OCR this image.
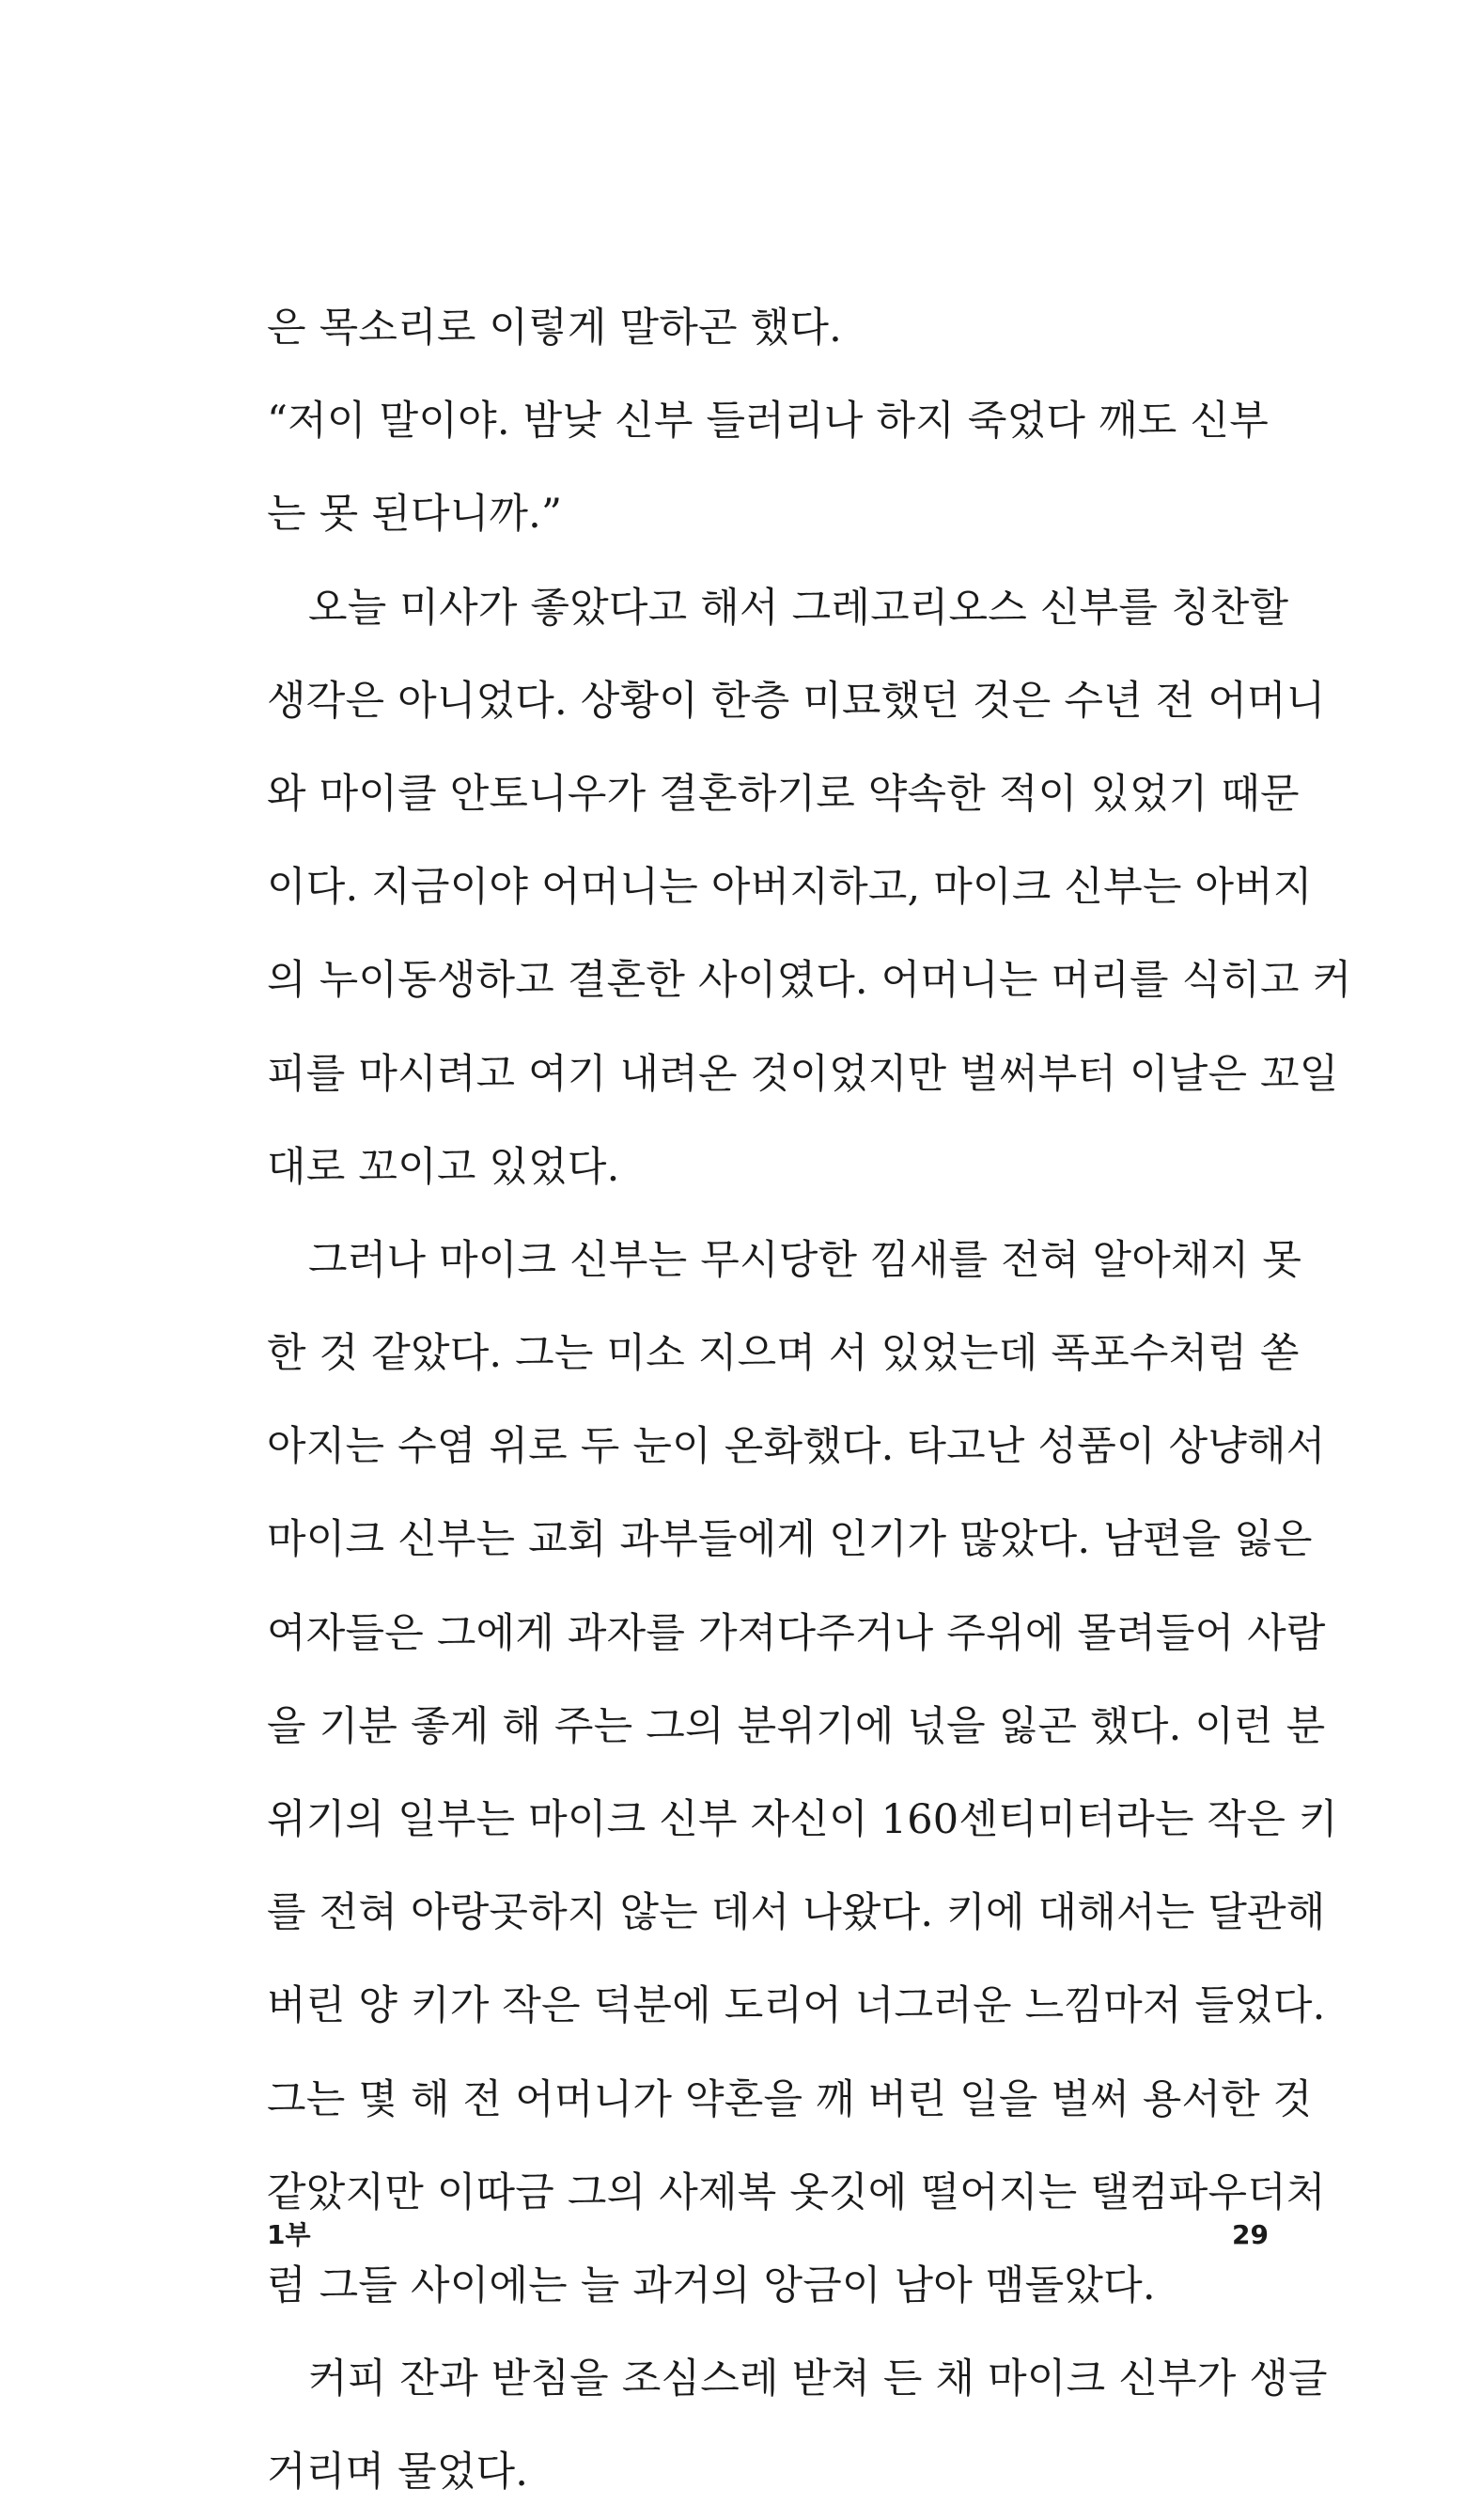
은 목소리로 이렇게 말하곤 했다.
“저이 말이야. 밤낮 신부 들러리나 하지 죽었다 깨도 신부
는 못 된다니까.”
오늘 미사가 좋았다고 해서 그레고리오스 신부를 칭찬할
생각은 아니었다. 상황이 한층 미묘했던 것은 수년 전 어머니
와 마이클 안토니우가 결혼하기로 약속한 적이 있었기 때문
이다. 지금이야 어머니는 아버지하고, 마이크 신부는 아버지
의 누이동생하고 결혼한 사이였다. 어머니는 머리를 식히고 커
피를 마시려고 여기 내려온 것이었지만 벌써부터 이날은 꼬일
대로 꼬이고 있었다.
그러나 마이크 신부는 무시당한 낌새를 전혀 알아채지 못
한 것 같았다. 그는 미소 지으며 서 있었는데 폭포수처럼 쏟
아지는 수염 위로 두 눈이 온화했다. 타고난 성품이 상냥해서
마이크 신부는 교회 과부들에게 인기가 많았다. 남편을 잃은
여자들은 그에게 과자를 가져다주거나 주위에 몰려들어 사람
을 기분 좋게 해 주는 그의 분위기에 넋을 잃곤 했다. 이런 분
위기의 일부는 마이크 신부 자신이 160센티미터라는 작은 키
를 전혀 아랑곳하지 않는 데서 나왔다. 키에 대해서는 달관해
버린 양 키가 작은 덕분에 도리어 너그러운 느낌마저 들었다.
그는 몇 해 전 어머니가 약혼을 깨 버린 일을 벌써 용서한 것
같았지만 이따금 그의 사제복 옷깃에 떨어지는 탤컴파우더처
럼 그들 사이에는 늘 과거의 앙금이 남아 맴돌았다.
커피 잔과 받침을 조심스레 받쳐 든 채 마이크 신부가 생글
거리며 물었다.
1부	29
